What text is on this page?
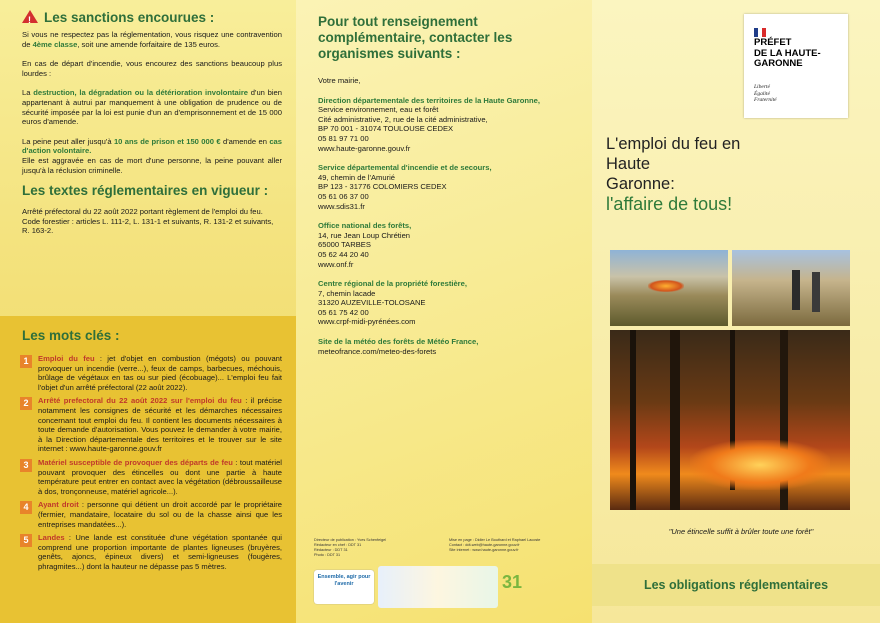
! Les sanctions encourues :

Si vous ne respectez pas la réglementation, vous risquez une contravention de 4ème classe, soit une amende forfaitaire de 135 euros.

En cas de départ d'incendie, vous encourez des sanctions beaucoup plus lourdes :

La destruction, la dégradation ou la détérioration involontaire d'un bien appartenant à autrui par manquement à une obligation de prudence ou de sécurité imposée par la loi est punie d'un an d'emprisonnement et de 15 000 euros d'amende.

La peine peut aller jusqu'à 10 ans de prison et 150 000 € d'amende en cas d'action volontaire.
Elle est aggravée en cas de mort d'une personne, la peine pouvant aller jusqu'à la réclusion criminelle.

Les textes réglementaires en vigueur :

Arrêté préfectoral du 22 août 2022 portant règlement de l'emploi du feu.

Code forestier : articles L. 111-2, L. 131-1 et suivants, R. 131-2 et suivants, R. 163-2.

Les mots clés :
1	Emploi du feu : jet d'objet en combustion (mégots) ou pouvant provoquer un incendie (verre...), feux de camps, barbecues, méchouis, brûlage de végétaux en tas ou sur pied (écobuage)... L'emploi feu fait l'objet d'un arrêté préfectoral (22 août 2022).
2	Arrêté prefectoral du 22 août 2022 sur l'emploi du feu : il précise notamment les consignes de sécurité et les démarches nécessaires concernant tout emploi du feu. Il contient les documents nécessaires à toute demande d'autorisation. Vous pouvez le demander à votre mairie, à la Direction départementale des territoires et le trouver sur le site internet : www.haute-garonne.gouv.fr
3	Matériel susceptible de provoquer des départs de feu : tout matériel pouvant provoquer des étincelles ou dont une partie à haute température peut entrer en contact avec la végétation (débroussailleuse à dos, tronçonneuse, matériel agricole...).
4	Ayant droit : personne qui détient un droit accordé par le propriétaire (fermier, mandataire, locataire du sol ou de la chasse ainsi que les entreprises mandatées...).
5	Landes : Une lande est constituée d'une végétation spontanée qui comprend une proportion importante de plantes ligneuses (bruyères, genêts, ajoncs, épineux divers) et semi-ligneuses (fougères, phragmites...) dont la hauteur ne dépasse pas 5 mètres.
Pour tout renseignement complémentaire, contacter les organismes suivants :

Votre mairie,

Direction départementale des territoires de la Haute Garonne,
Service environnement, eau et forêt
Cité administrative, 2, rue de la cité administrative,
BP 70 001 - 31074 TOULOUSE CEDEX
05 81 97 71 00
www.haute-garonne.gouv.fr
Service départemental d'incendie et de secours,
49, chemin de l'Amurié
BP 123 - 31776 COLOMIERS CEDEX
05 61 06 37 00
www.sdis31.fr
Office national des forêts,
14, rue Jean Loup Chrétien
65000 TARBES
05 62 44 20 40
www.onf.fr
Centre régional de la propriété forestière,
7, chemin lacade
31320 AUZEVILLE-TOLOSANE
05 61 75 42 00
www.crpf-midi-pyrénées.com
Site de la météo des forêts de Météo France,
meteofrance.com/meteo-des-forets
Directeur de publication : Yves Schenfeigel
Rédacteur en chef : DDT 31
Rédacteur : DDT 31
Photo : DDT 31
Mise en page : Didier Le Bouthard et Raphael Lacoste
Contact : ddt-web@haute-garonne.gouv.fr
Site internet : www.haute-garonne.gouv.fr
Ensemble, agir pour l'avenir	31
PRÉFET
DE LA HAUTE-
GARONNE
Liberté
Égalité
Fraternité
L'emploi du feu en
Haute
Garonne:
l'affaire de tous!
"Une étincelle suffit à brûler toute une forêt"
Les obligations réglementaires
